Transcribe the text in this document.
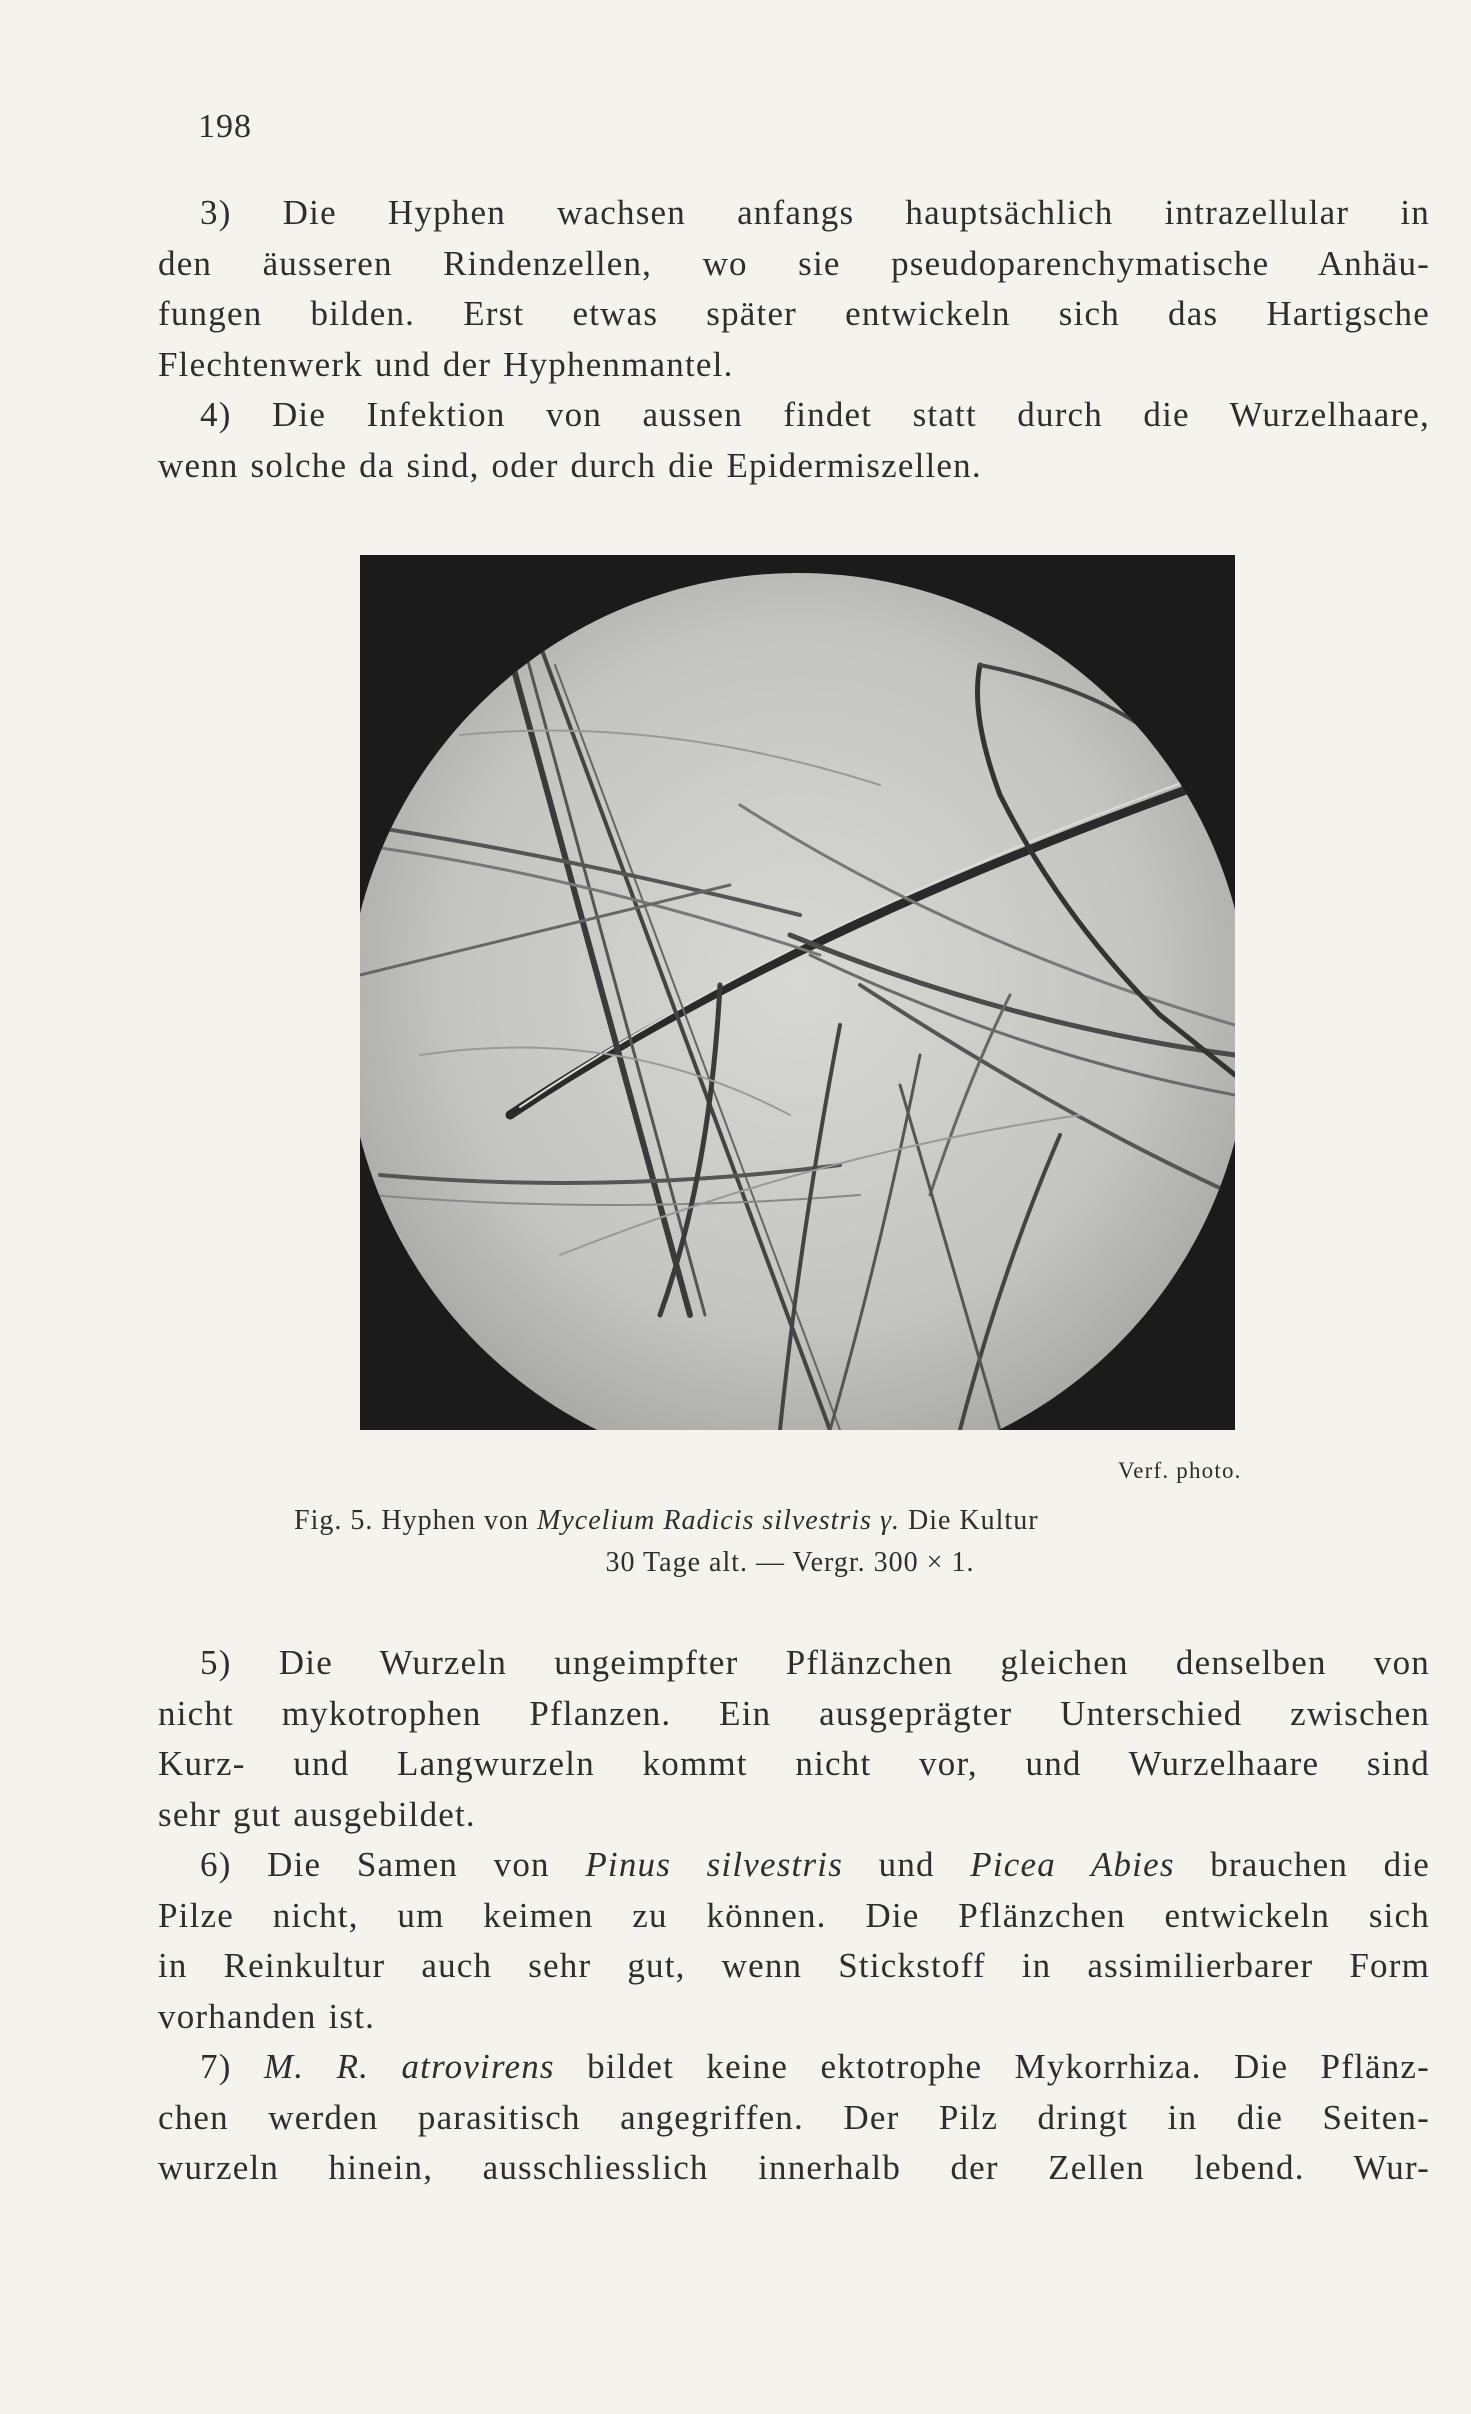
198
3) Die Hyphen wachsen anfangs hauptsächlich intrazellular in
den äusseren Rindenzellen, wo sie pseudoparenchymatische Anhäu-
fungen bilden. Erst etwas später entwickeln sich das Hartigsche
Flechtenwerk und der Hyphenmantel.
4) Die Infektion von aussen findet statt durch die Wurzelhaare,
wenn solche da sind, oder durch die Epidermiszellen.
Verf. photo.
Fig. 5. Hyphen von Mycelium Radicis silvestris γ. Die Kultur
30 Tage alt. — Vergr. 300 × 1.
5) Die Wurzeln ungeimpfter Pflänzchen gleichen denselben von
nicht mykotrophen Pflanzen. Ein ausgeprägter Unterschied zwischen
Kurz- und Langwurzeln kommt nicht vor, und Wurzelhaare sind
sehr gut ausgebildet.
6) Die Samen von Pinus silvestris und Picea Abies brauchen die
Pilze nicht, um keimen zu können. Die Pflänzchen entwickeln sich
in Reinkultur auch sehr gut, wenn Stickstoff in assimilierbarer Form
vorhanden ist.
7) M. R. atrovirens bildet keine ektotrophe Mykorrhiza. Die Pflänz-
chen werden parasitisch angegriffen. Der Pilz dringt in die Seiten-
wurzeln hinein, ausschliesslich innerhalb der Zellen lebend. Wur-
